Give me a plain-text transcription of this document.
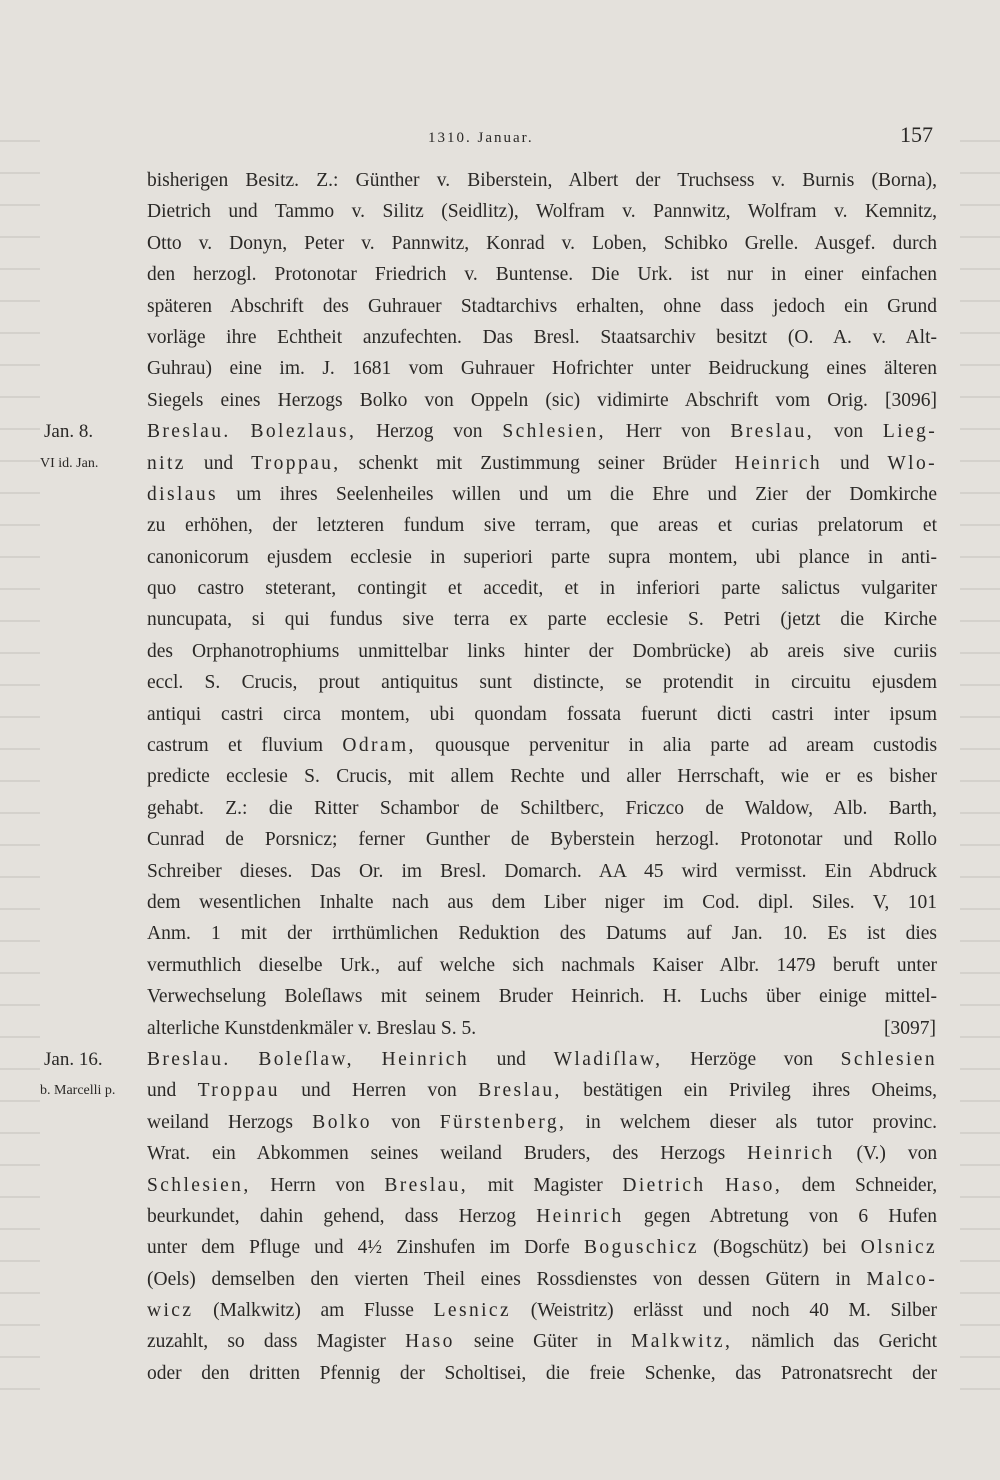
1310. Januar.	157
bisherigen Besitz. Z.: Günther v. Biberstein, Albert der Truchsess v. Burnis (Borna),
Dietrich und Tammo v. Silitz (Seidlitz), Wolfram v. Pannwitz, Wolfram v. Kemnitz,
Otto v. Donyn, Peter v. Pannwitz, Konrad v. Loben, Schibko Grelle. Ausgef. durch
den herzogl. Protonotar Friedrich v. Buntense. Die Urk. ist nur in einer einfachen
späteren Abschrift des Guhrauer Stadtarchivs erhalten, ohne dass jedoch ein Grund
vorläge ihre Echtheit anzufechten. Das Bresl. Staatsarchiv besitzt (O. A. v. Alt-
Guhrau) eine im. J. 1681 vom Guhrauer Hofrichter unter Beidruckung eines älteren
Siegels eines Herzogs Bolko von Oppeln (sic) vidimirte Abschrift vom Orig. [3096]
Jan. 8.	Breslau. Bolezlaus, Herzog von Schlesien, Herr von Breslau, von Lieg-
VI id. Jan. nitz und Troppau, schenkt mit Zustimmung seiner Brüder Heinrich und Wlo-
dislaus um ihres Seelenheiles willen und um die Ehre und Zier der Domkirche
zu erhöhen, der letzteren fundum sive terram, que areas et curias prelatorum et
canonicorum ejusdem ecclesie in superiori parte supra montem, ubi plance in anti-
quo castro steterant, contingit et accedit, et in inferiori parte salictus vulgariter
nuncupata, si qui fundus sive terra ex parte ecclesie S. Petri (jetzt die Kirche
des Orphanotrophiums unmittelbar links hinter der Dombrücke) ab areis sive curiis
eccl. S. Crucis, prout antiquitus sunt distincte, se protendit in circuitu ejusdem
antiqui castri circa montem, ubi quondam fossata fuerunt dicti castri inter ipsum
castrum et fluvium Odram, quousque pervenitur in alia parte ad aream custodis
predicte ecclesie S. Crucis, mit allem Rechte und aller Herrschaft, wie er es bisher
gehabt. Z.: die Ritter Schambor de Schiltberc, Friczco de Waldow, Alb. Barth,
Cunrad de Porsnicz; ferner Gunther de Byberstein herzogl. Protonotar und Rollo
Schreiber dieses. Das Or. im Bresl. Domarch. AA 45 wird vermisst. Ein Abdruck
dem wesentlichen Inhalte nach aus dem Liber niger im Cod. dipl. Siles. V, 101
Anm. 1 mit der irrthümlichen Reduktion des Datums auf Jan. 10. Es ist dies
vermuthlich dieselbe Urk., auf welche sich nachmals Kaiser Albr. 1479 beruft unter
Verwechselung Boleſlaws mit seinem Bruder Heinrich. H. Luchs über einige mittel-
alterliche Kunstdenkmäler v. Breslau S. 5.	[3097]
Jan. 16. Breslau. Boleſlaw, Heinrich und Wladiſlaw, Herzöge von Schlesien
b. Marcelli p. und Troppau und Herren von Breslau, bestätigen ein Privileg ihres Oheims,
weiland Herzogs Bolko von Fürstenberg, in welchem dieser als tutor provinc.
Wrat. ein Abkommen seines weiland Bruders, des Herzogs Heinrich (V.) von
Schlesien, Herrn von Breslau, mit Magister Dietrich Haso, dem Schneider,
beurkundet, dahin gehend, dass Herzog Heinrich gegen Abtretung von 6 Hufen
unter dem Pfluge und 4½ Zinshufen im Dorfe Boguschicz (Bogschütz) bei Olsnicz
(Oels) demselben den vierten Theil eines Rossdienstes von dessen Gütern in Malco-
wicz (Malkwitz) am Flusse Lesnicz (Weistritz) erlässt und noch 40 M. Silber
zuzahlt, so dass Magister Haso seine Güter in Malkwitz, nämlich das Gericht
oder den dritten Pfennig der Scholtisei, die freie Schenke, das Patronatsrecht der
